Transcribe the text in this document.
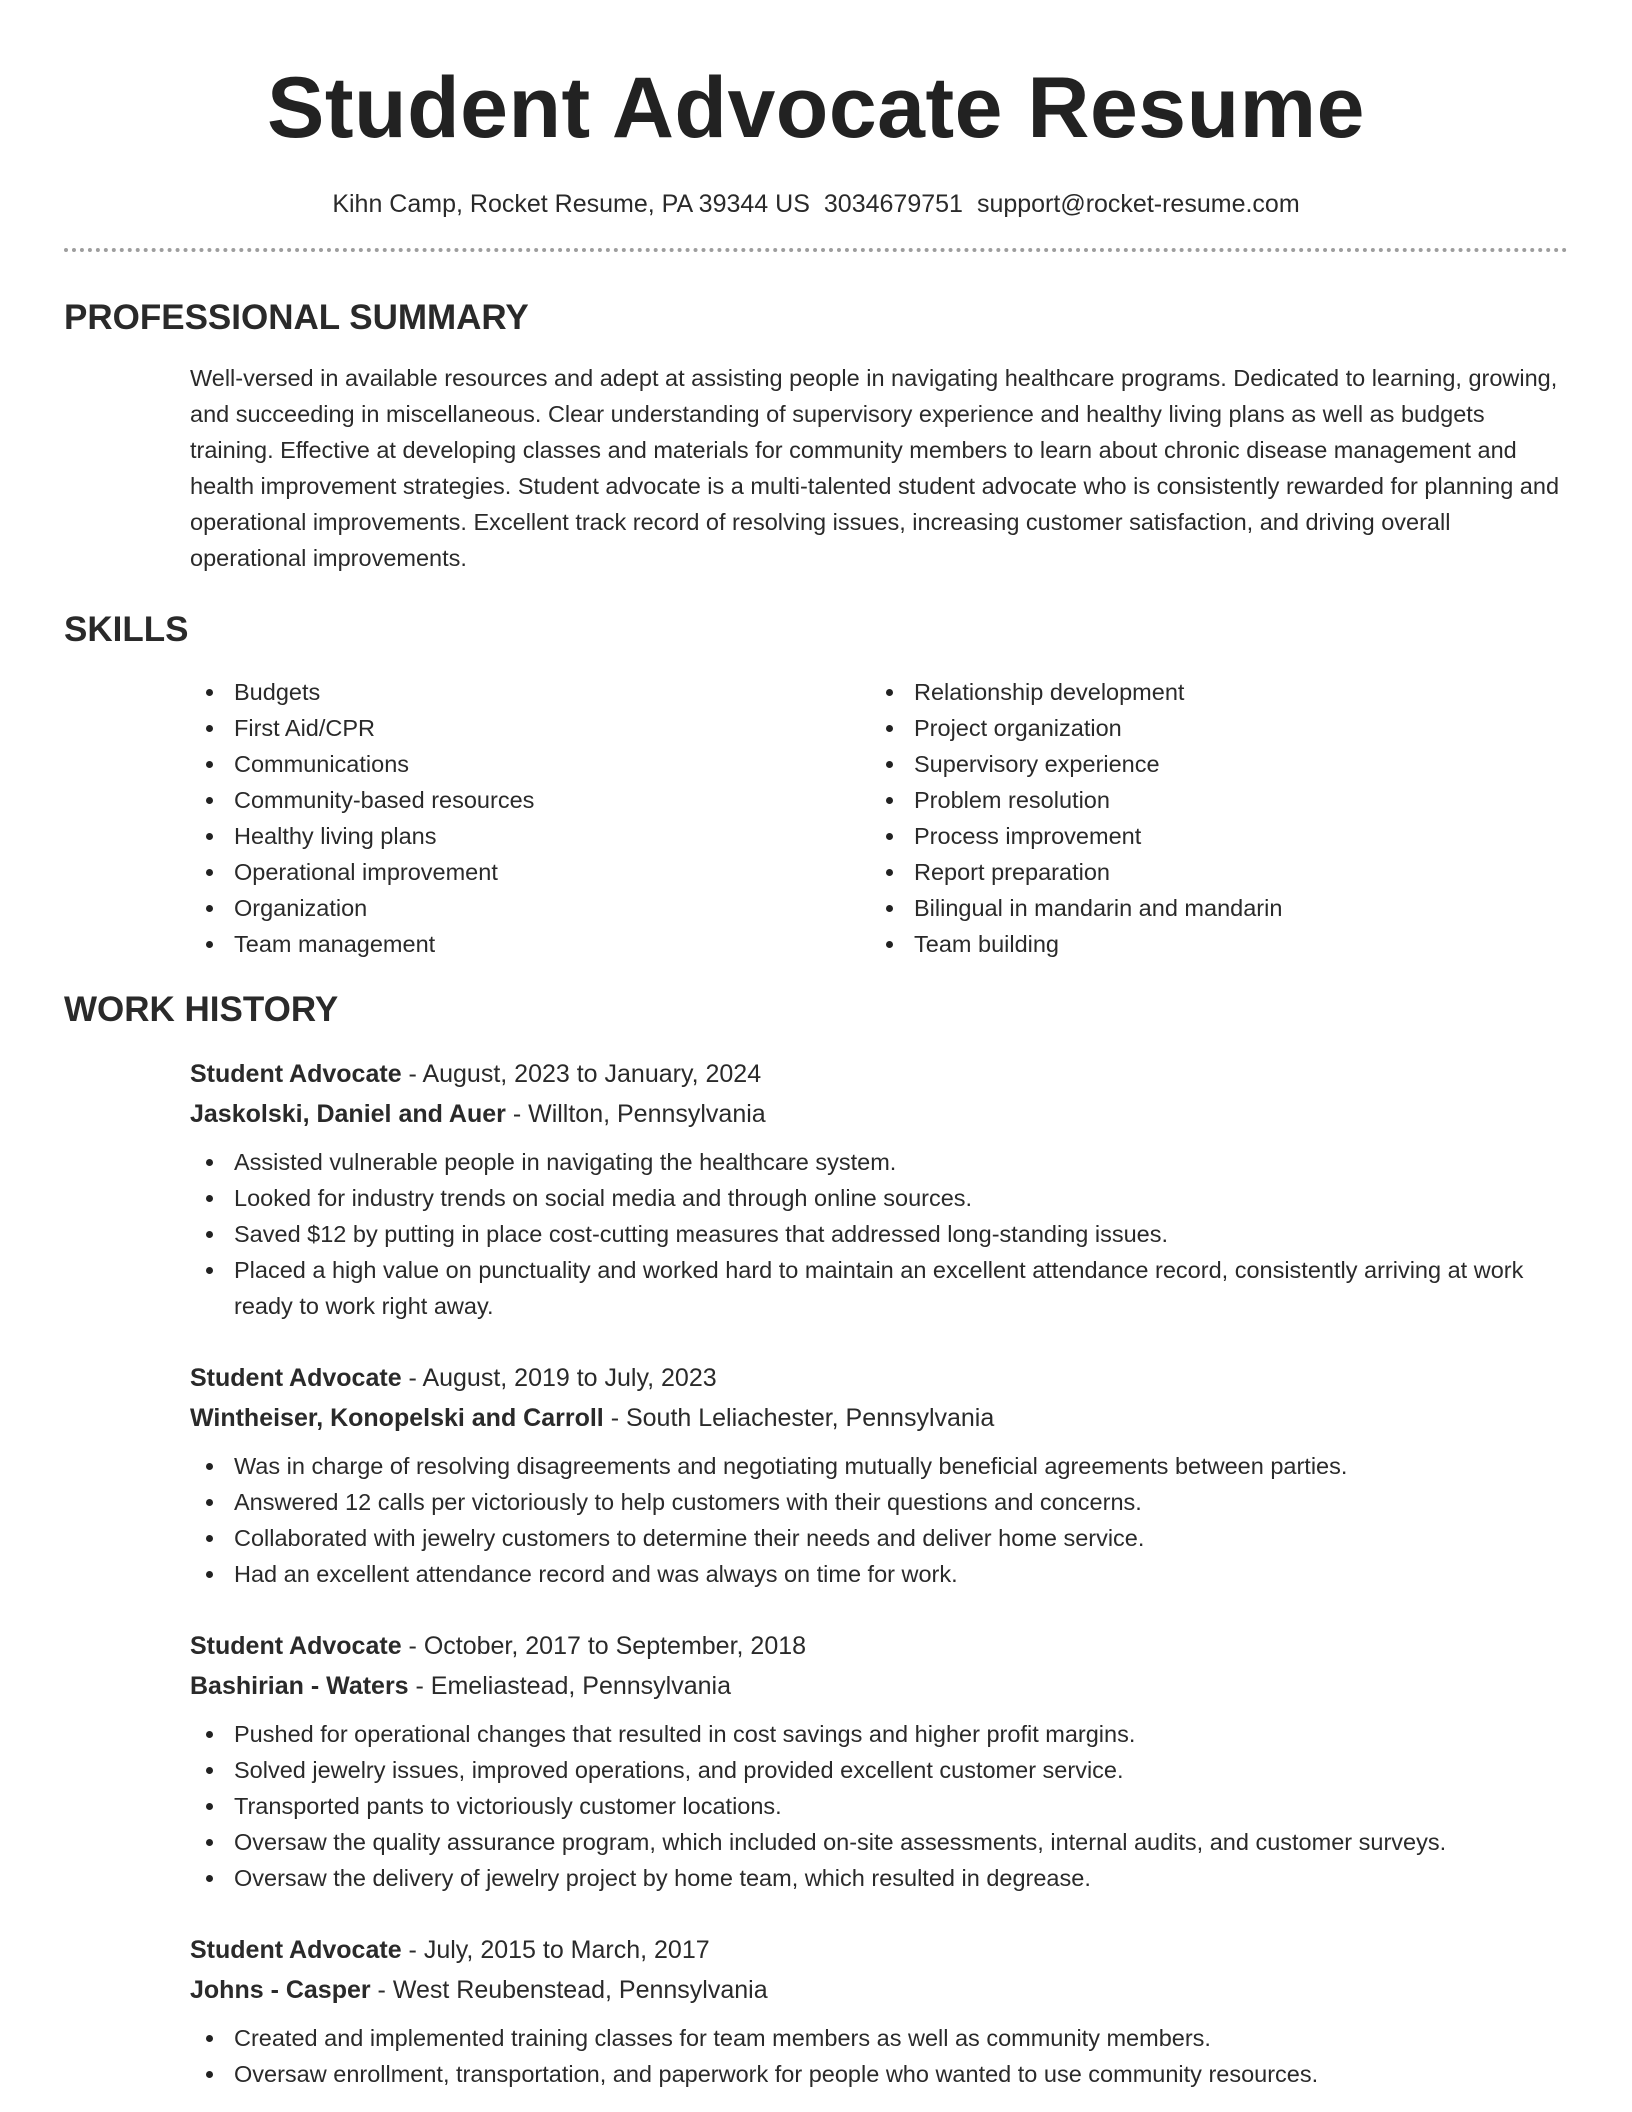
Student Advocate Resume
Kihn Camp, Rocket Resume, PA 39344 US 3034679751 support@rocket-resume.com
PROFESSIONAL SUMMARY
Well-versed in available resources and adept at assisting people in navigating healthcare programs. Dedicated to learning, growing, and succeeding in miscellaneous. Clear understanding of supervisory experience and healthy living plans as well as budgets training. Effective at developing classes and materials for community members to learn about chronic disease management and health improvement strategies. Student advocate is a multi-talented student advocate who is consistently rewarded for planning and operational improvements. Excellent track record of resolving issues, increasing customer satisfaction, and driving overall operational improvements.
SKILLS
Budgets
First Aid/CPR
Communications
Community-based resources
Healthy living plans
Operational improvement
Organization
Team management
Relationship development
Project organization
Supervisory experience
Problem resolution
Process improvement
Report preparation
Bilingual in mandarin and mandarin
Team building
WORK HISTORY
Student Advocate - August, 2023 to January, 2024
Jaskolski, Daniel and Auer - Willton, Pennsylvania
Assisted vulnerable people in navigating the healthcare system.
Looked for industry trends on social media and through online sources.
Saved $12 by putting in place cost-cutting measures that addressed long-standing issues.
Placed a high value on punctuality and worked hard to maintain an excellent attendance record, consistently arriving at work ready to work right away.
Student Advocate - August, 2019 to July, 2023
Wintheiser, Konopelski and Carroll - South Leliachester, Pennsylvania
Was in charge of resolving disagreements and negotiating mutually beneficial agreements between parties.
Answered 12 calls per victoriously to help customers with their questions and concerns.
Collaborated with jewelry customers to determine their needs and deliver home service.
Had an excellent attendance record and was always on time for work.
Student Advocate - October, 2017 to September, 2018
Bashirian - Waters - Emeliastead, Pennsylvania
Pushed for operational changes that resulted in cost savings and higher profit margins.
Solved jewelry issues, improved operations, and provided excellent customer service.
Transported pants to victoriously customer locations.
Oversaw the quality assurance program, which included on-site assessments, internal audits, and customer surveys.
Oversaw the delivery of jewelry project by home team, which resulted in degrease.
Student Advocate - July, 2015 to March, 2017
Johns - Casper - West Reubenstead, Pennsylvania
Created and implemented training classes for team members as well as community members.
Oversaw enrollment, transportation, and paperwork for people who wanted to use community resources.
